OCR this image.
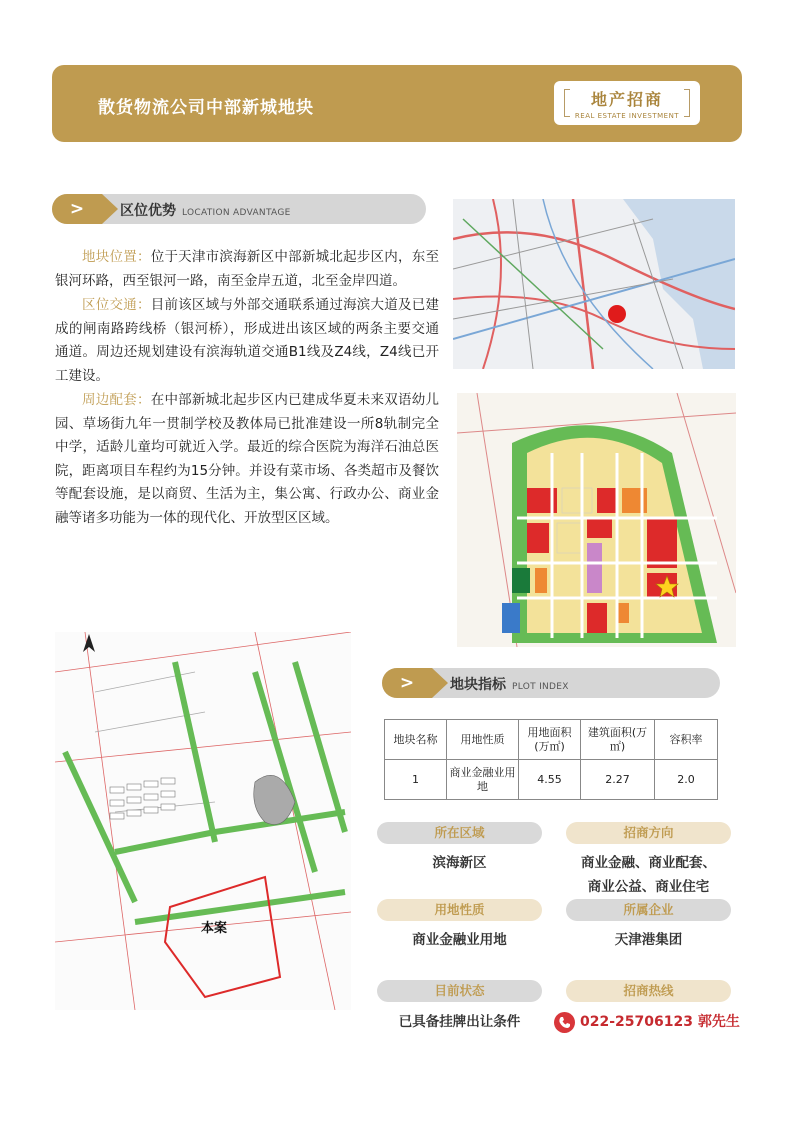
散货物流公司中部新城地块	地产招商
REAL ESTATE INVESTMENT
>	区位优势 LOCATION ADVANTAGE

地块位置：位于天津市滨海新区中部新城北起步区内，东至银河环路，西至银河一路，南至金岸五道，北至金岸四道。

区位交通：目前该区域与外部交通联系通过海滨大道及已建成的闸南路跨线桥（银河桥），形成进出该区域的两条主要交通通道。周边还规划建设有滨海轨道交通B1线及Z4线，Z4线已开工建设。

周边配套：在中部新城北起步区内已建成华夏未来双语幼儿园、草场街九年一贯制学校及教体局已批准建设一所8轨制完全中学，适龄儿童均可就近入学。最近的综合医院为海洋石油总医院，距离项目车程约为15分钟。并设有菜市场、各类超市及餐饮等配套设施，是以商贸、生活为主，集公寓、行政办公、商业金融等诸多功能为一体的现代化、开放型区区域。

本案
>	地块指标 PLOT INDEX
地块名称	用地性质	用地面积(万㎡)	建筑面积(万㎡)	容积率
1	商业金融业用地	4.55	2.27	2.0
所在区域
滨海新区
招商方向
商业金融、商业配套、
商业公益、商业住宅
用地性质
商业金融业用地
所属企业
天津港集团
目前状态
已具备挂牌出让条件
招商热线
022-25706123 郭先生
